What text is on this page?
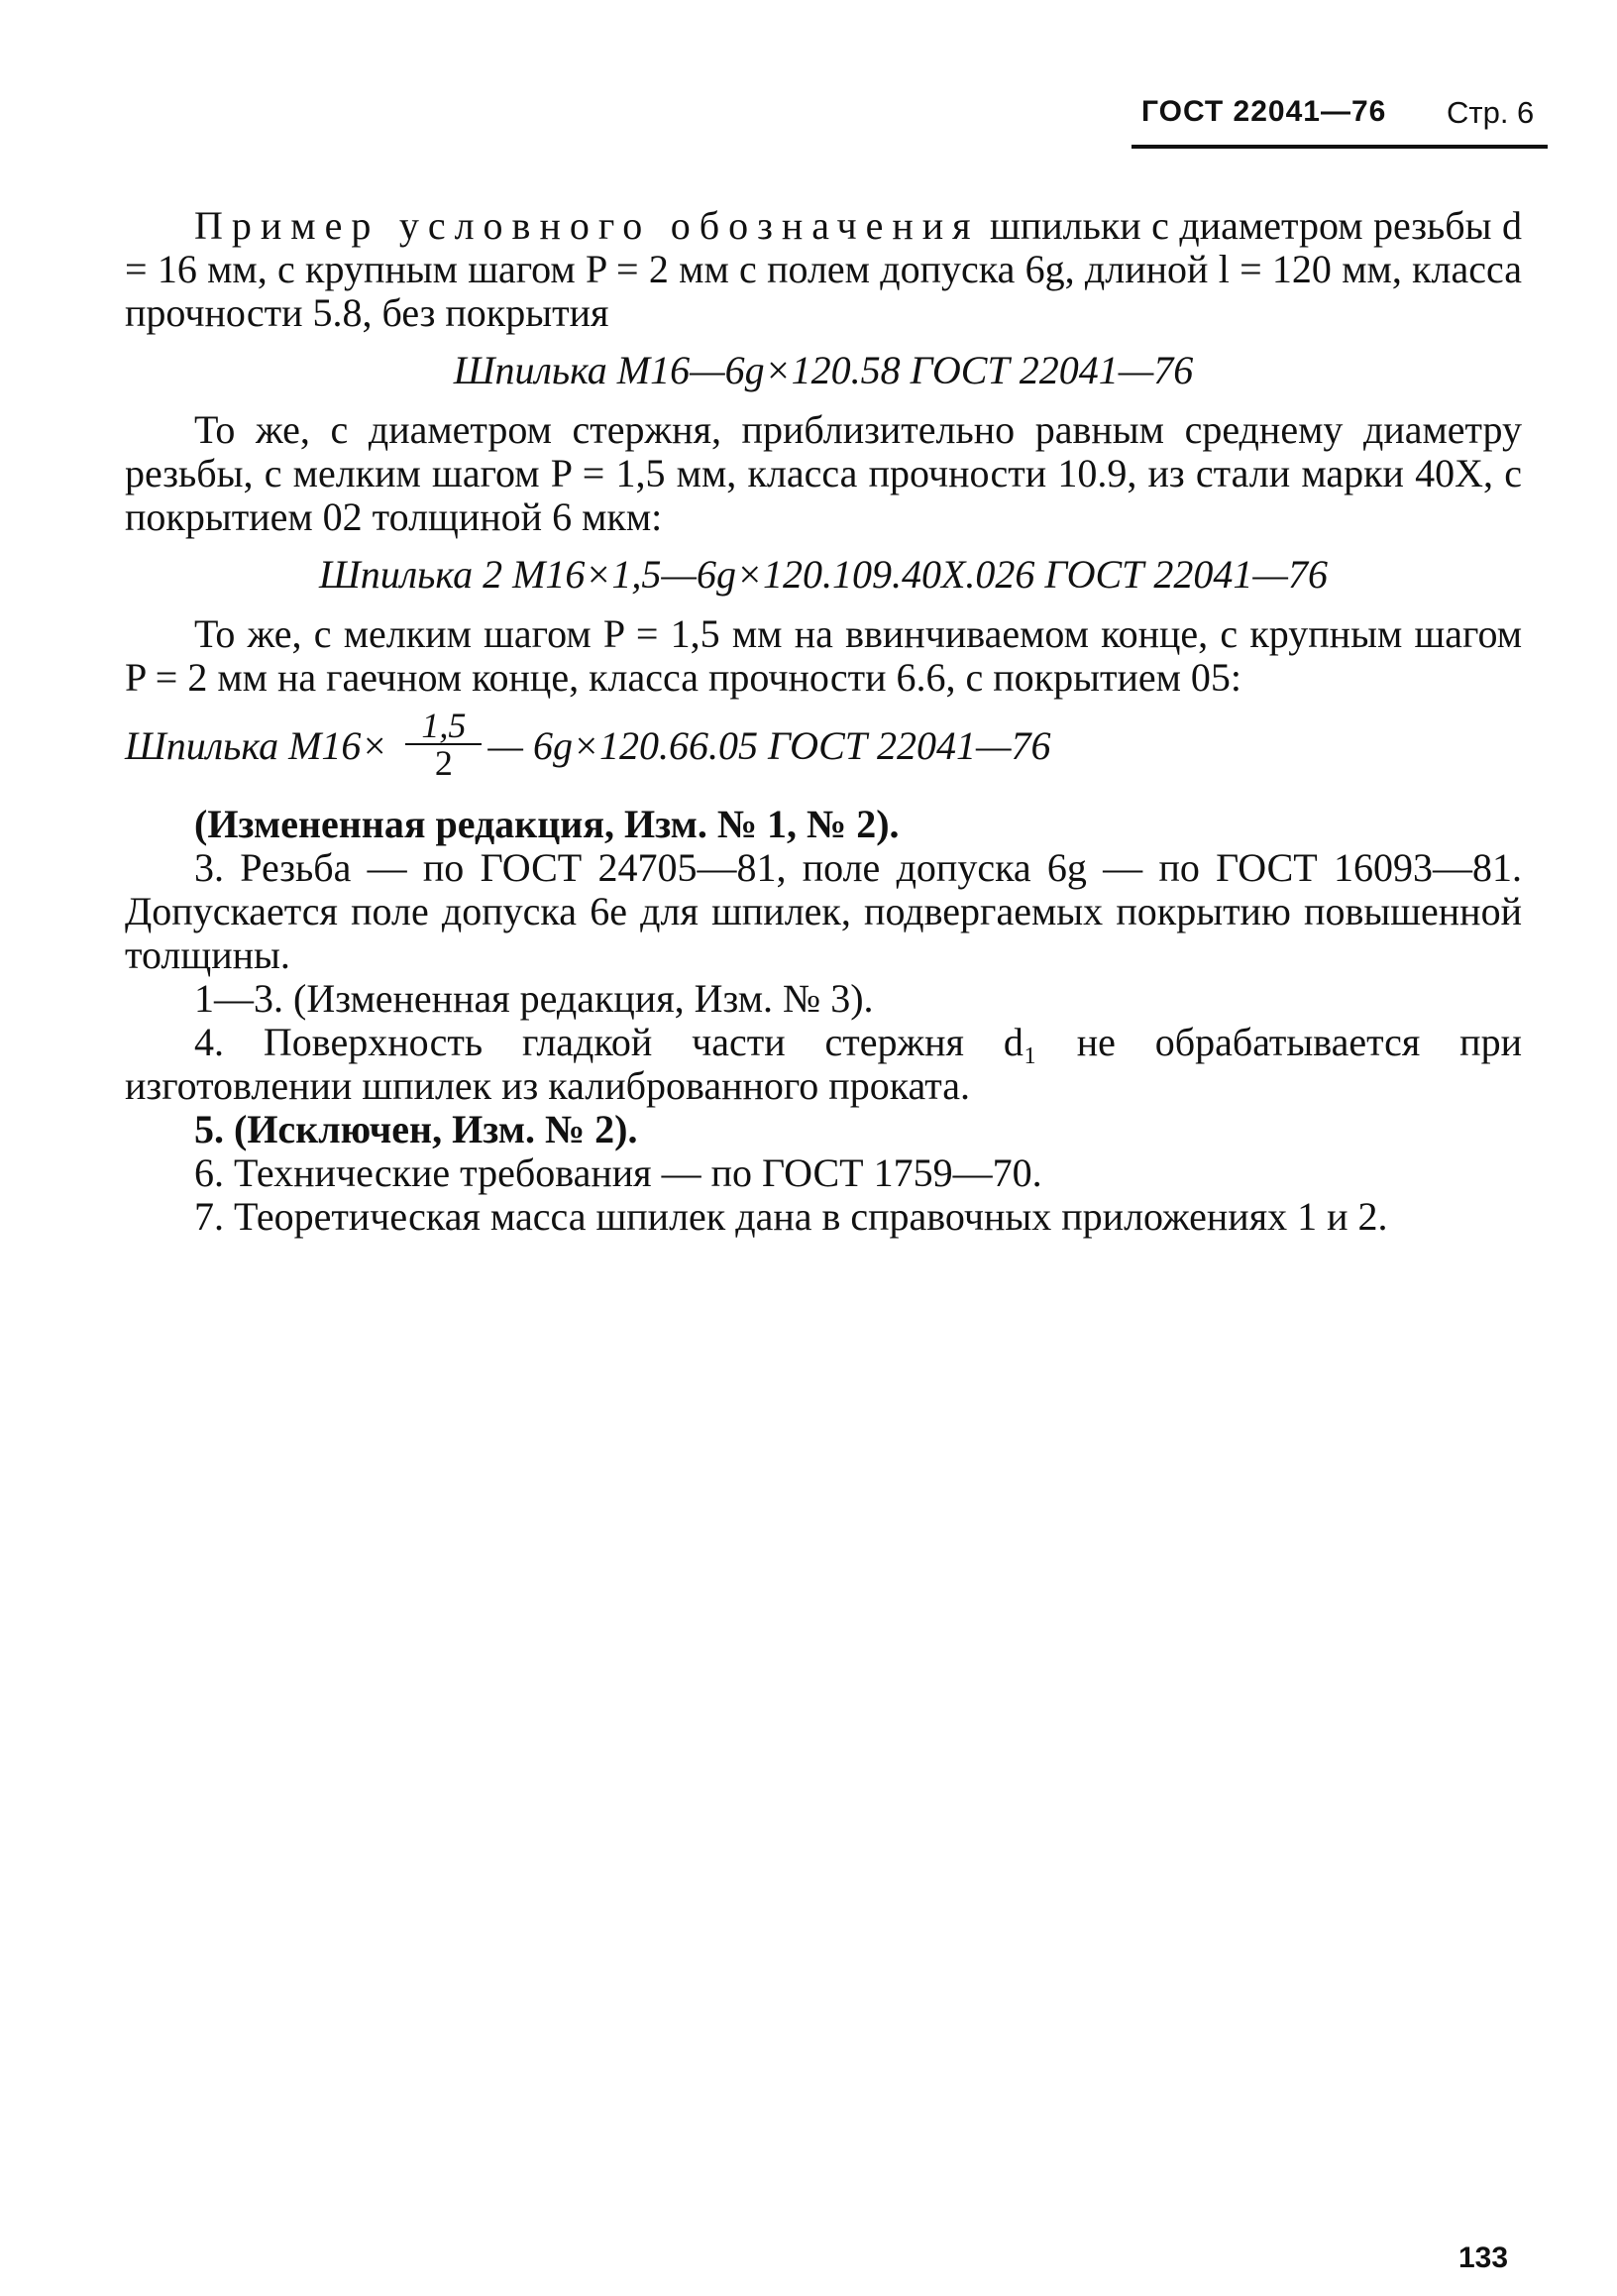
ГОСТ 22041—76 Стр. 6

Пример условного обозначения шпильки с диаметром резьбы d = 16 мм, с крупным шагом P = 2 мм с полем допуска 6g, длиной l = 120 мм, класса прочности 5.8, без покрытия

Шпилька М16—6g×120.58 ГОСТ 22041—76

То же, с диаметром стержня, приблизительно равным среднему диаметру резьбы, с мелким шагом P = 1,5 мм, класса прочности 10.9, из стали марки 40Х, с покрытием 02 толщиной 6 мкм:

Шпилька 2 М16×1,5—6g×120.109.40Х.026 ГОСТ 22041—76

То же, с мелким шагом P = 1,5 мм на ввинчиваемом конце, с крупным шагом P = 2 мм на гаечном конце, класса прочности 6.6, с покрытием 05:

Шпилька $М16\times \frac{1,5}{2}$ — 6g×120.66.05 ГОСТ 22041—76

(Измененная редакция, Изм. № 1, № 2).

3. Резьба — по ГОСТ 24705—81, поле допуска 6g — по ГОСТ 16093—81. Допускается поле допуска 6е для шпилек, подвергаемых покрытию повышенной толщины.

1—3. (Измененная редакция, Изм. № 3).

4. Поверхность гладкой части стержня d₁ не обрабатывается при изготовлении шпилек из калиброванного проката.

5. (Исключен, Изм. № 2).

6. Технические требования — по ГОСТ 1759—70.

7. Теоретическая масса шпилек дана в справочных приложениях 1 и 2.

133
